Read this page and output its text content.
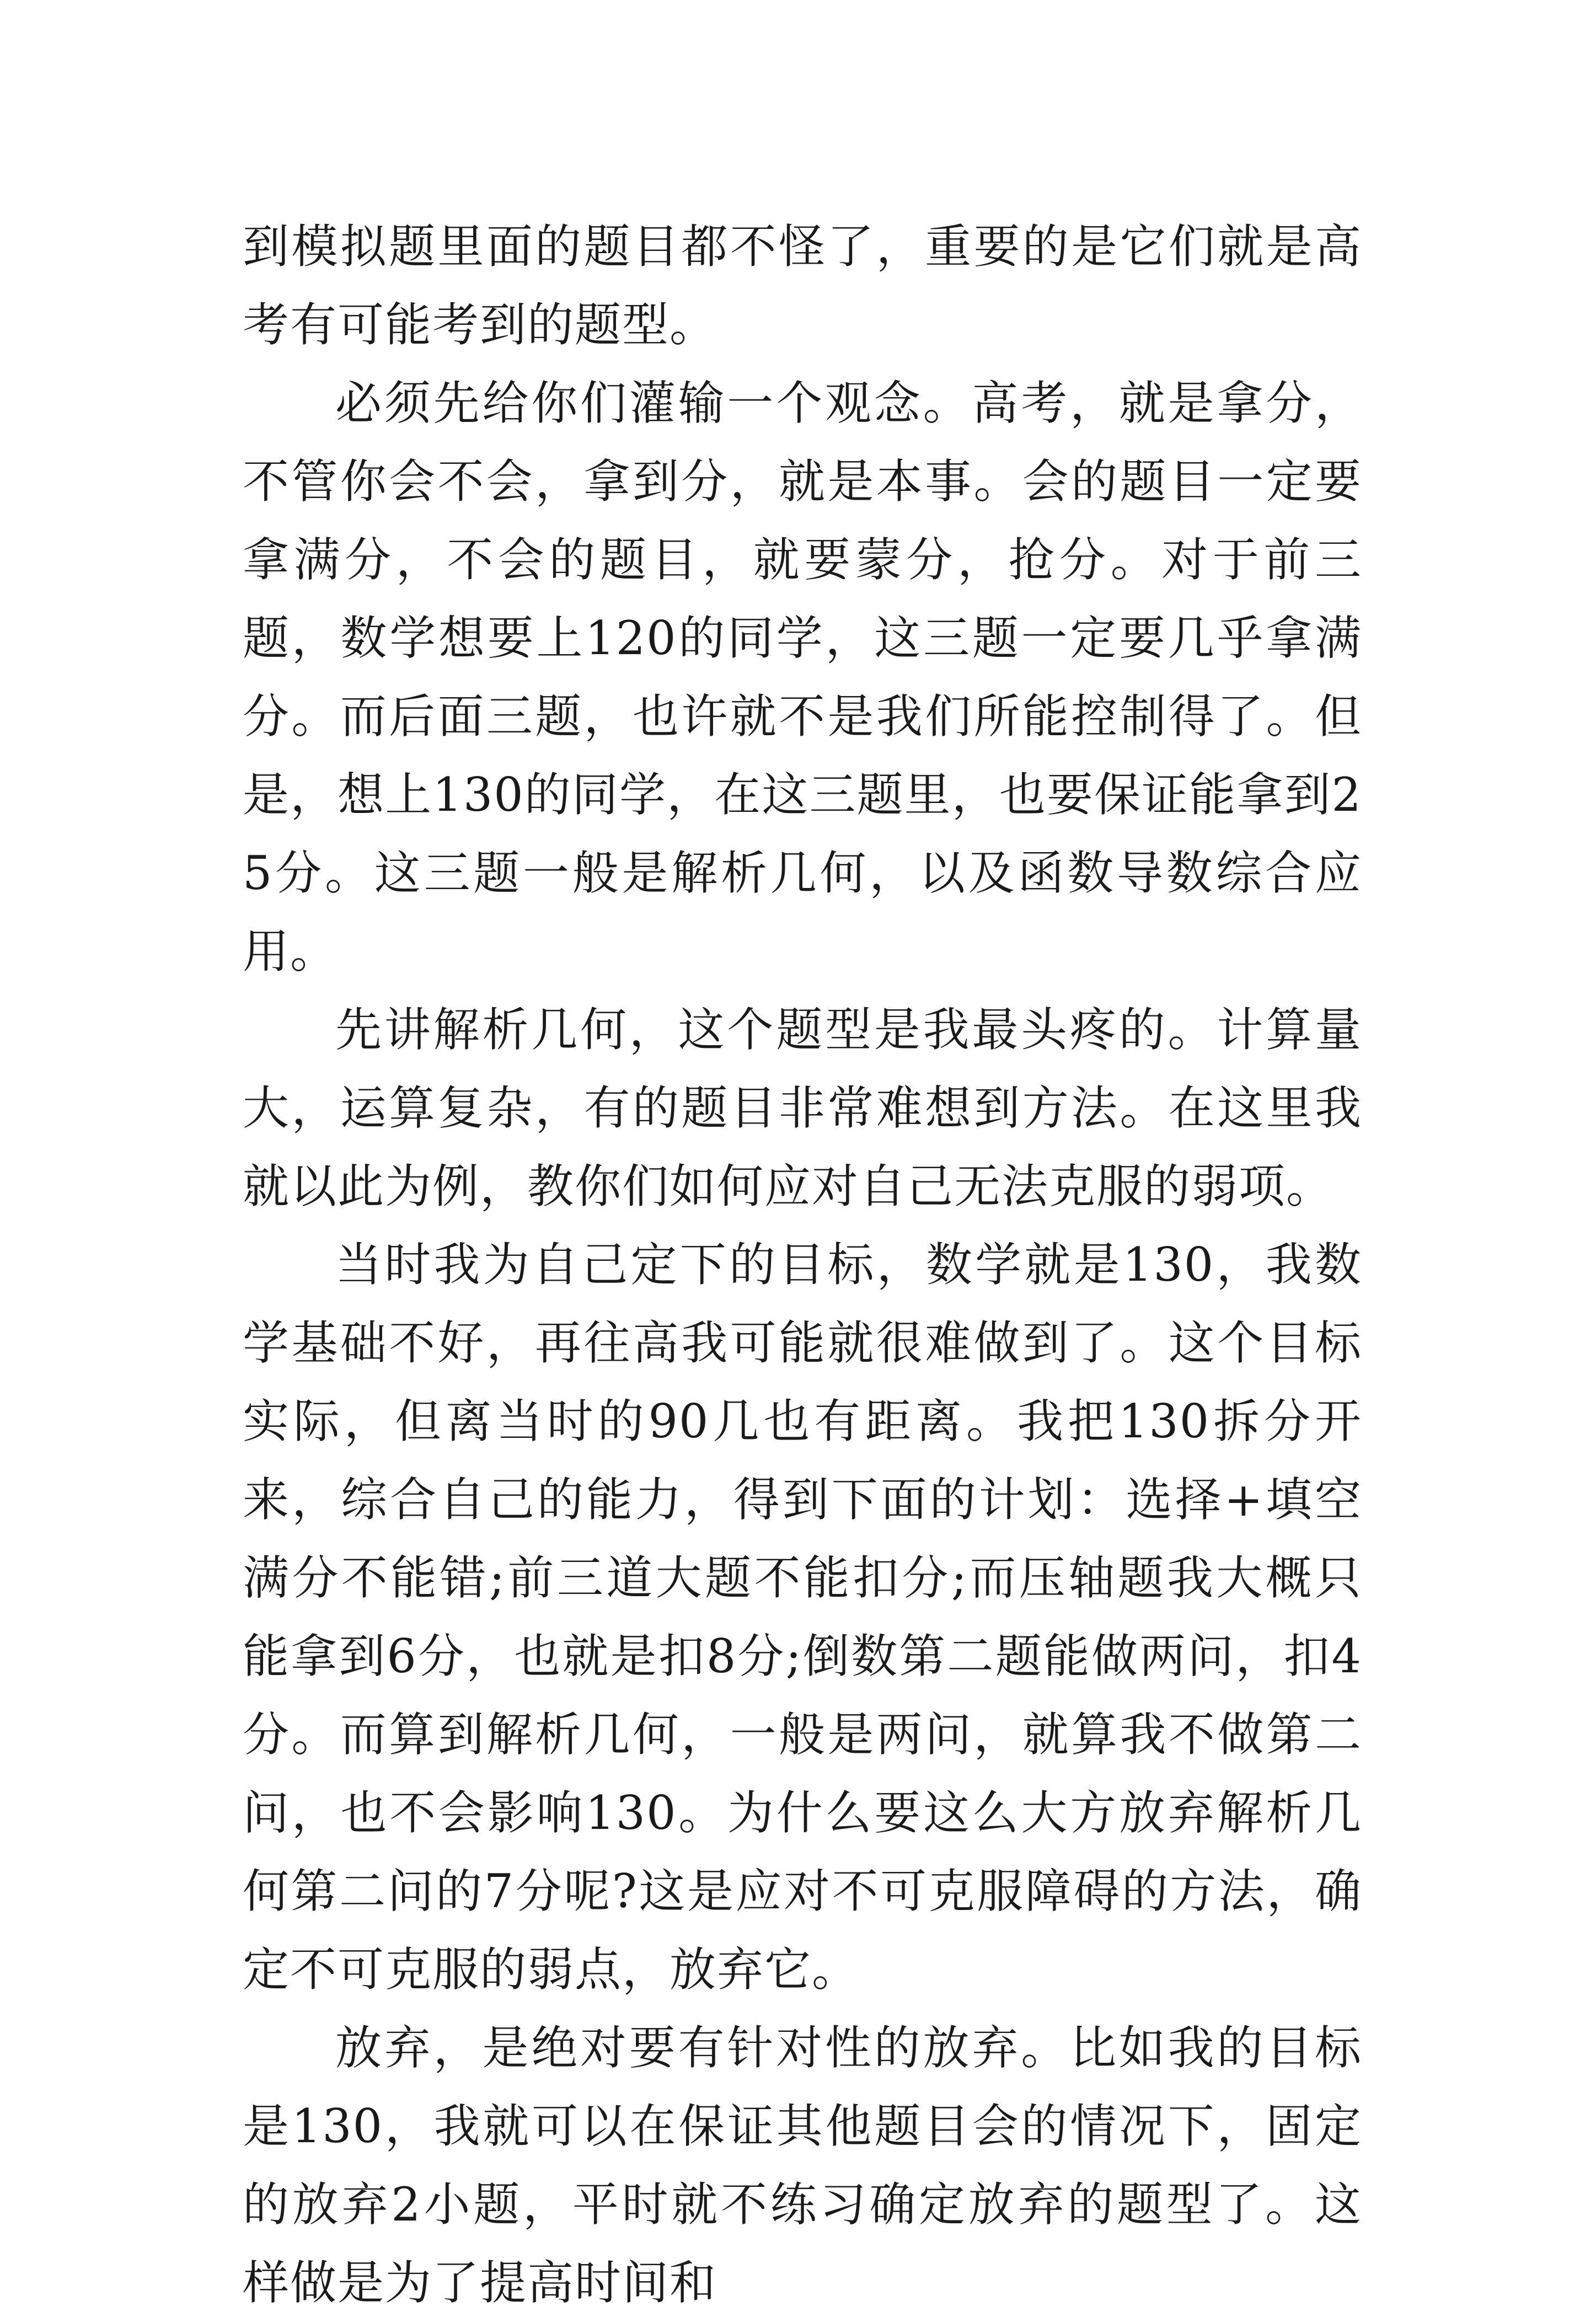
到模拟题里面的题目都不怪了，重要的是它们就是高考有可能考到的题型。

必须先给你们灌输一个观念。高考，就是拿分，不管你会不会，拿到分，就是本事。会的题目一定要拿满分，不会的题目，就要蒙分，抢分。对于前三题，数学想要上120的同学，这三题一定要几乎拿满分。而后面三题，也许就不是我们所能控制得了。但是，想上130的同学，在这三题里，也要保证能拿到25分。这三题一般是解析几何，以及函数导数综合应用。

先讲解析几何，这个题型是我最头疼的。计算量大，运算复杂，有的题目非常难想到方法。在这里我就以此为例，教你们如何应对自己无法克服的弱项。

当时我为自己定下的目标，数学就是130，我数学基础不好，再往高我可能就很难做到了。这个目标实际，但离当时的90几也有距离。我把130拆分开来，综合自己的能力，得到下面的计划：选择+填空满分不能错;前三道大题不能扣分;而压轴题我大概只能拿到6分，也就是扣8分;倒数第二题能做两问，扣4分。而算到解析几何，一般是两问，就算我不做第二问，也不会影响130。为什么要这么大方放弃解析几何第二问的7分呢?这是应对不可克服障碍的方法，确定不可克服的弱点，放弃它。

放弃，是绝对要有针对性的放弃。比如我的目标是130，我就可以在保证其他题目会的情况下，固定的放弃2小题，平时就不练习确定放弃的题型了。这样做是为了提高时间和
